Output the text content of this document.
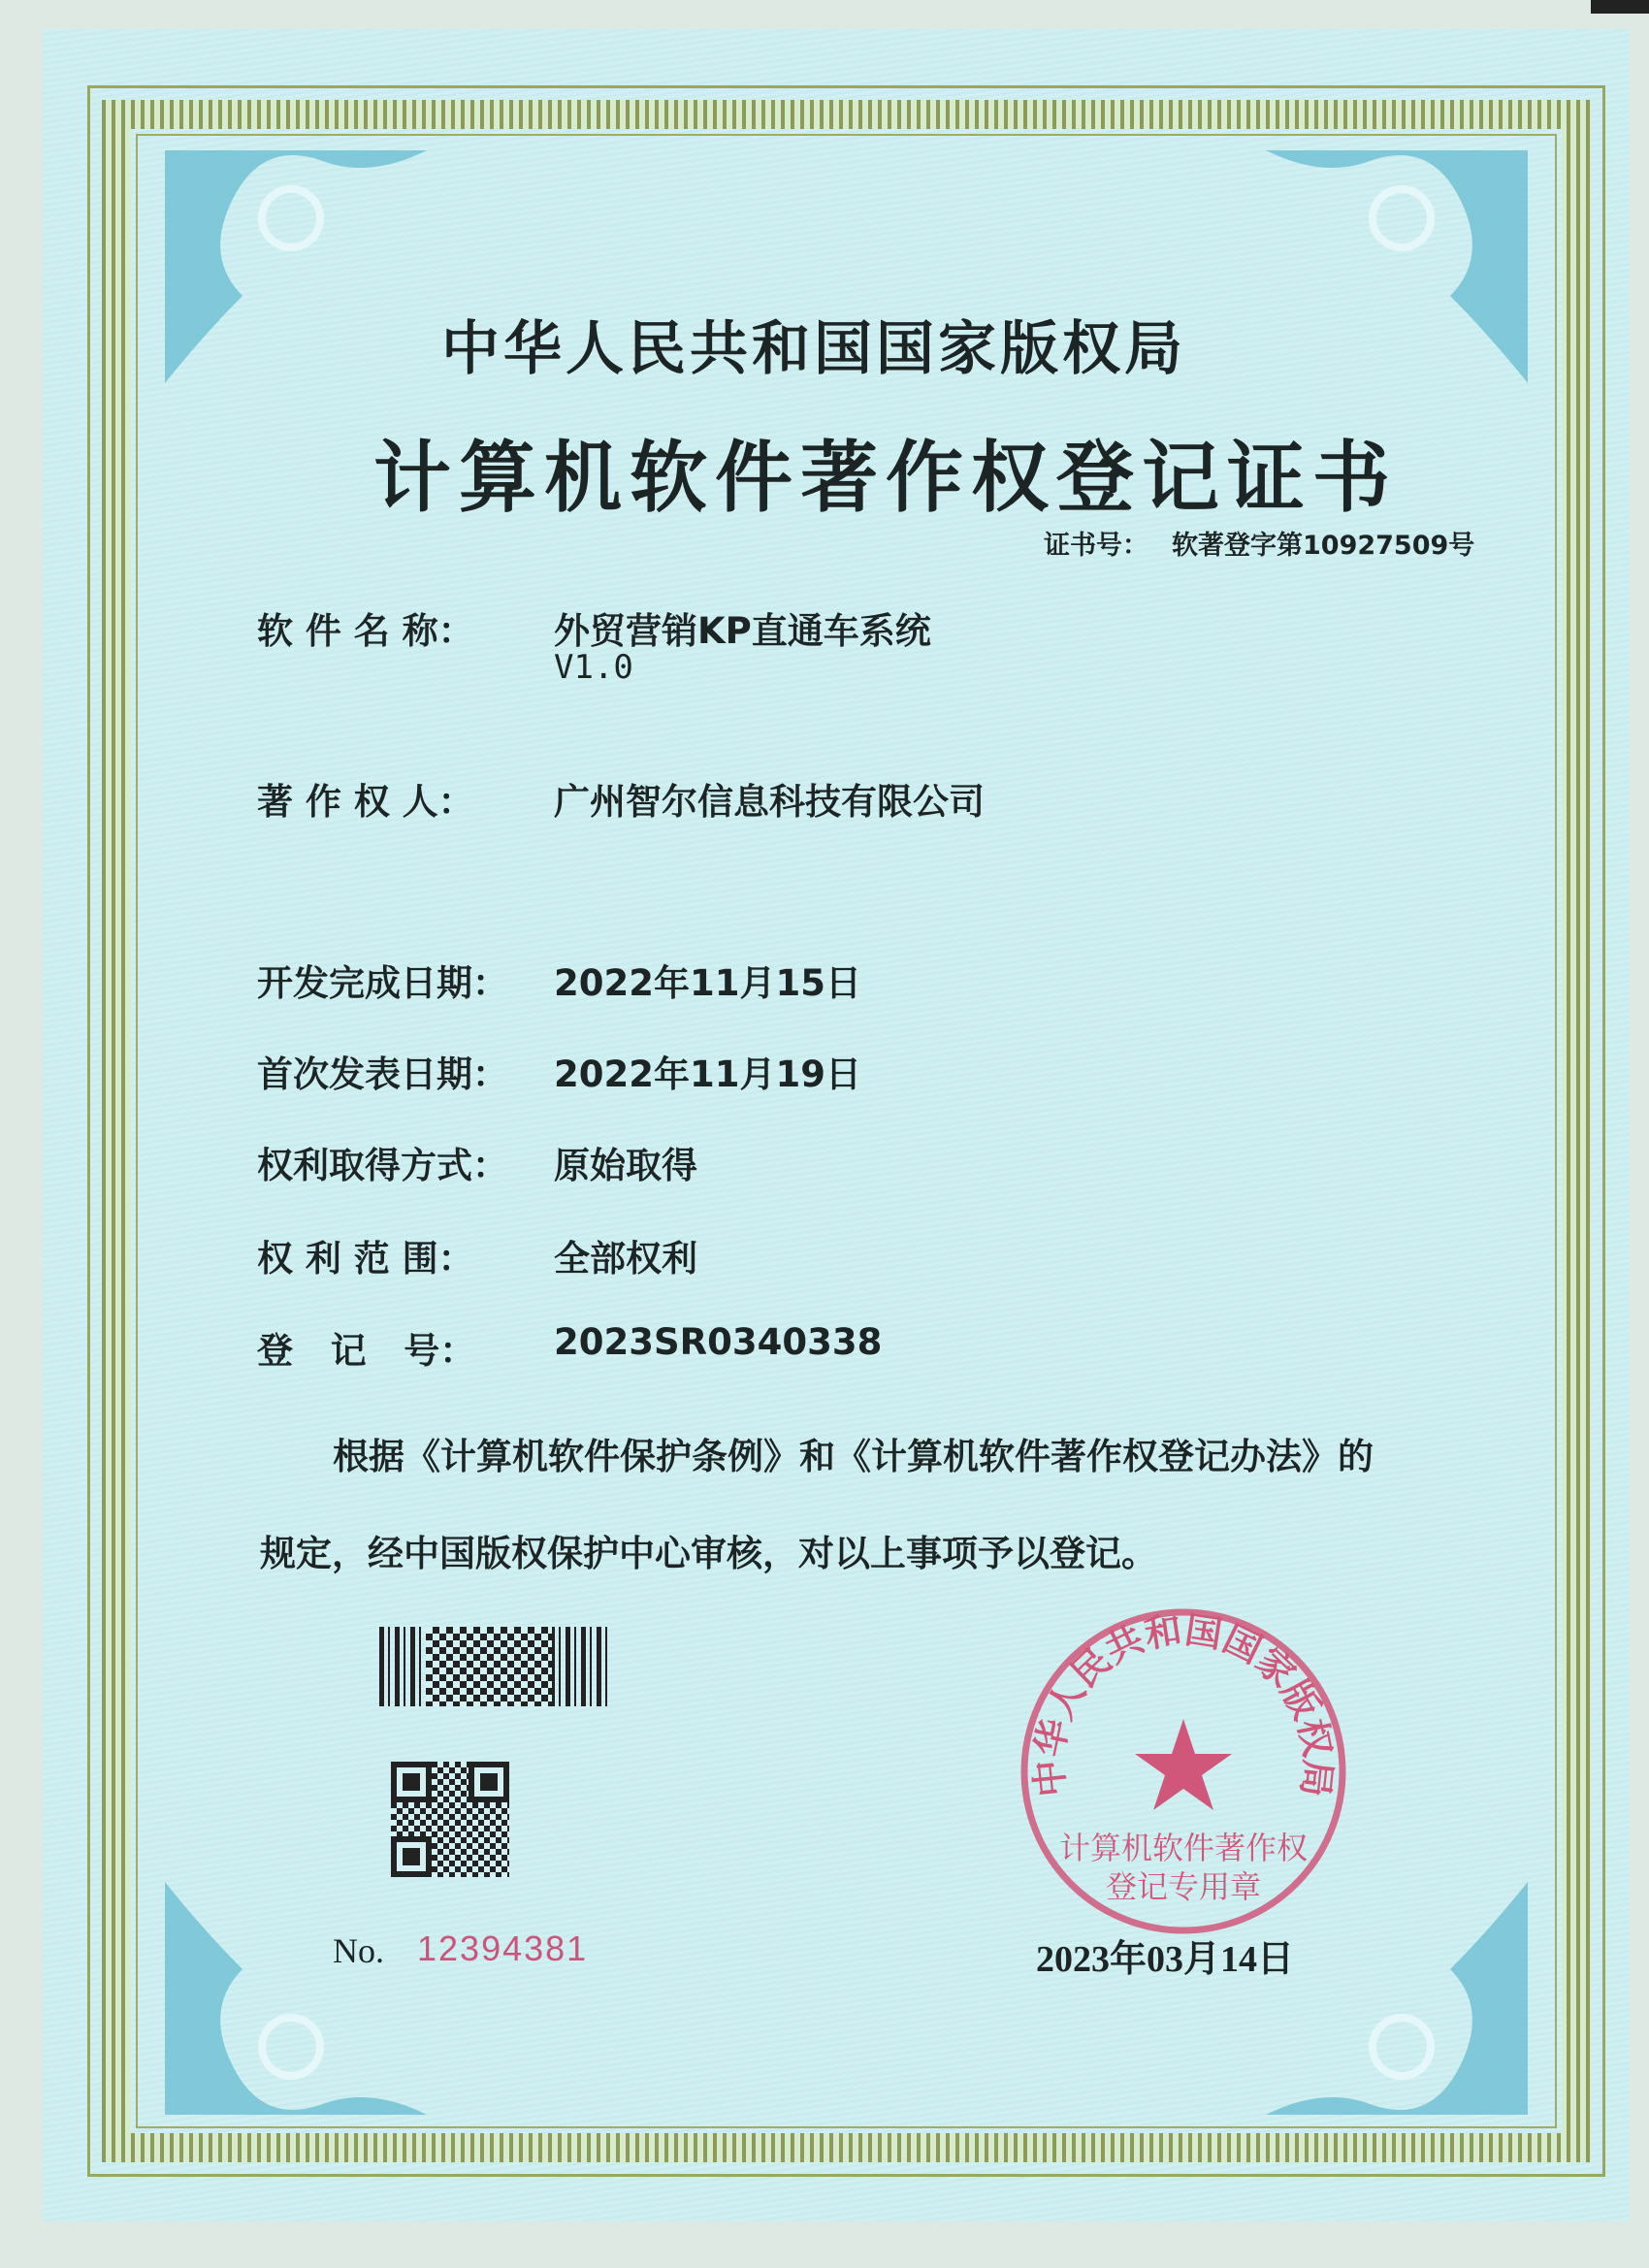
中华人民共和国国家版权局
计算机软件著作权登记证书
证书号： 软著登字第10927509号
软 件 名 称： 外贸营销KP直通车系统
V1.0
著 作 权 人： 广州智尔信息科技有限公司
开发完成日期： 2022年11月15日
首次发表日期： 2022年11月19日
权利取得方式： 原始取得
权 利 范 围： 全部权利
登   记   号： 2023SR0340338
根据《计算机软件保护条例》和《计算机软件著作权登记办法》的
规定，经中国版权保护中心审核，对以上事项予以登记。
No. 12394381
中华人民共和国国家版权局
计算机软件著作权
登记专用章
2023年03月14日
